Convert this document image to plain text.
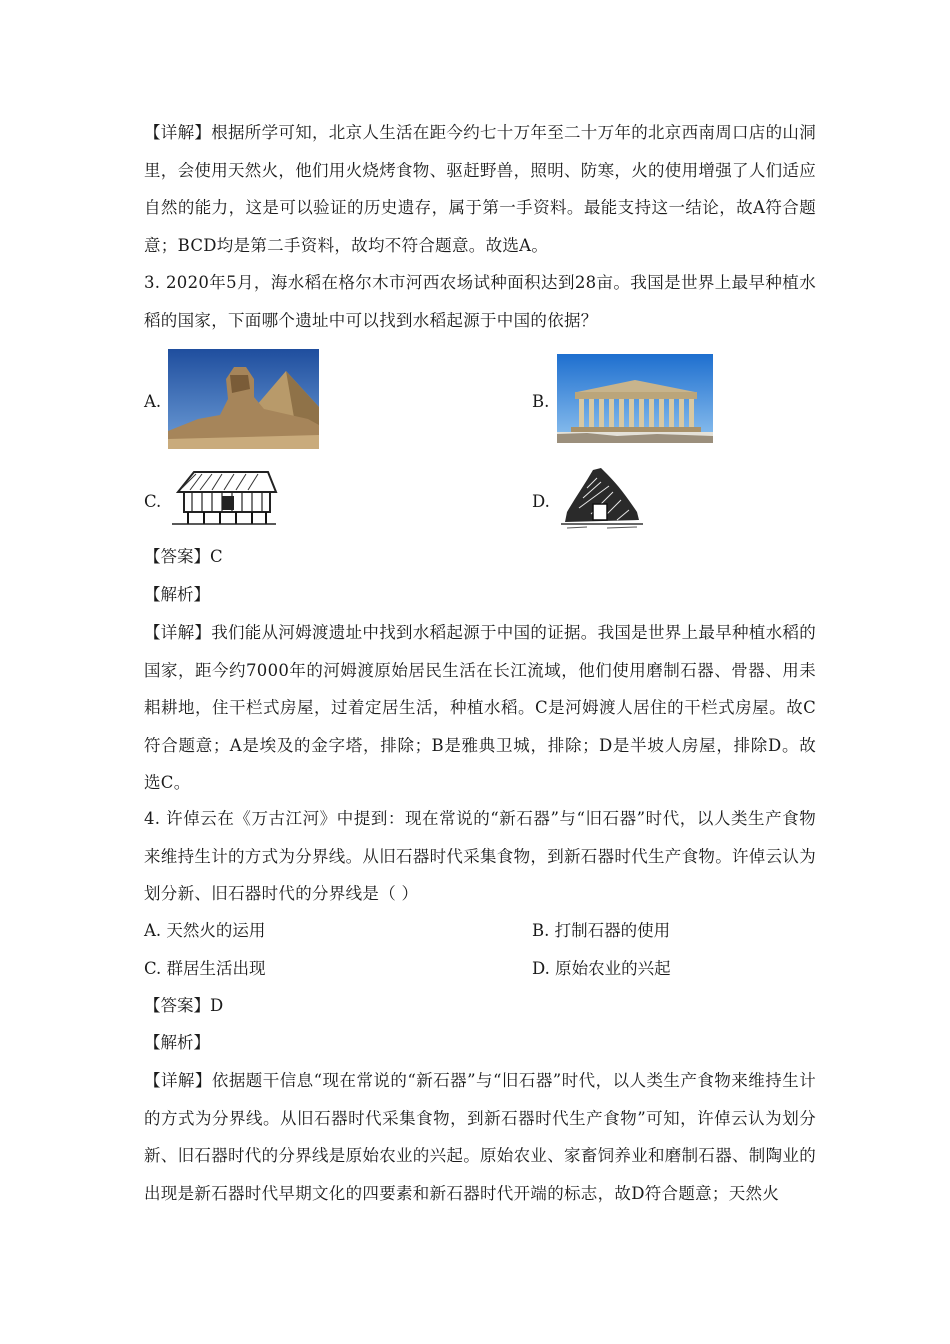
【详解】根据所学可知，北京人生活在距今约七十万年至二十万年的北京西南周口店的山洞里，会使用天然火，他们用火烧烤食物、驱赶野兽，照明、防寒，火的使用增强了人们适应自然的能力，这是可以验证的历史遗存，属于第一手资料。最能支持这一结论，故A符合题意；BCD均是第二手资料，故均不符合题意。故选A。

3. 2020年5月，海水稻在格尔木市河西农场试种面积达到28亩。我国是世界上最早种植水稻的国家，下面哪个遗址中可以找到水稻起源于中国的依据？

A.	B.
C.	D.
【答案】C
【解析】

【详解】我们能从河姆渡遗址中找到水稻起源于中国的证据。我国是世界上最早种植水稻的国家，距今约7000年的河姆渡原始居民生活在长江流域，他们使用磨制石器、骨器、用耒耜耕地，住干栏式房屋，过着定居生活，种植水稻。C是河姆渡人居住的干栏式房屋。故C符合题意；A是埃及的金字塔，排除；B是雅典卫城，排除；D是半坡人房屋，排除D。故选C。

4. 许倬云在《万古江河》中提到：现在常说的“新石器”与“旧石器”时代，以人类生产食物来维持生计的方式为分界线。从旧石器时代采集食物，到新石器时代生产食物。许倬云认为划分新、旧石器时代的分界线是（ ）

A. 天然火的运用	B. 打制石器的使用
C. 群居生活出现	D. 原始农业的兴起
【答案】D
【解析】

【详解】依据题干信息“现在常说的“新石器”与“旧石器”时代，以人类生产食物来维持生计的方式为分界线。从旧石器时代采集食物，到新石器时代生产食物”可知，许倬云认为划分新、旧石器时代的分界线是原始农业的兴起。原始农业、家畜饲养业和磨制石器、制陶业的出现是新石器时代早期文化的四要素和新石器时代开端的标志，故D符合题意；天然火
